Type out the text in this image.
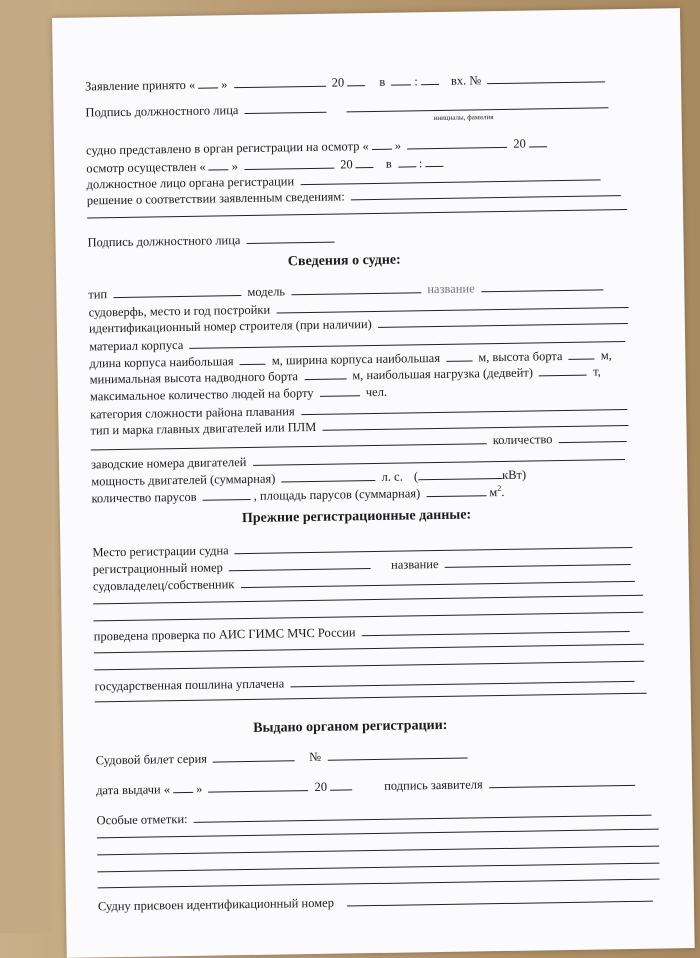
Заявление принято « »	20	в :	вх. №
Подпись должностного лица	инициалы, фамилия
судно представлено в орган регистрации на осмотр « »	20
осмотр осуществлен « »	20	в :
должностное лицо органа регистрации
решение о соответствии заявленным сведениям:
Подпись должностного лица
Сведения о судне:
тип	модель	название
судоверфь, место и год постройки
идентификационный номер строителя (при наличии)
материал корпуса
длина корпуса наибольшая	м, ширина корпуса наибольшая	м, высота борта	м,
минимальная высота надводного борта	м, наибольшая нагрузка (дедвейт)	т,
максимальное количество людей на борту	чел.
категория сложности района плавания
тип и марка главных двигателей или ПЛМ
количество
заводские номера двигателей
мощность двигателей (суммарная)	л. с. (	кВт)
количество парусов	, площадь парусов (суммарная)	$м^2$.
Прежние регистрационные данные:
Место регистрации судна
регистрационный номер	название
судовладелец/собственник
проведена проверка по АИС ГИМС МЧС России
государственная пошлина уплачена
Выдано органом регистрации:
Судовой билет серия	№
дата выдачи « »	20	подпись заявителя
Особые отметки:
Судну присвоен идентификационный номер
